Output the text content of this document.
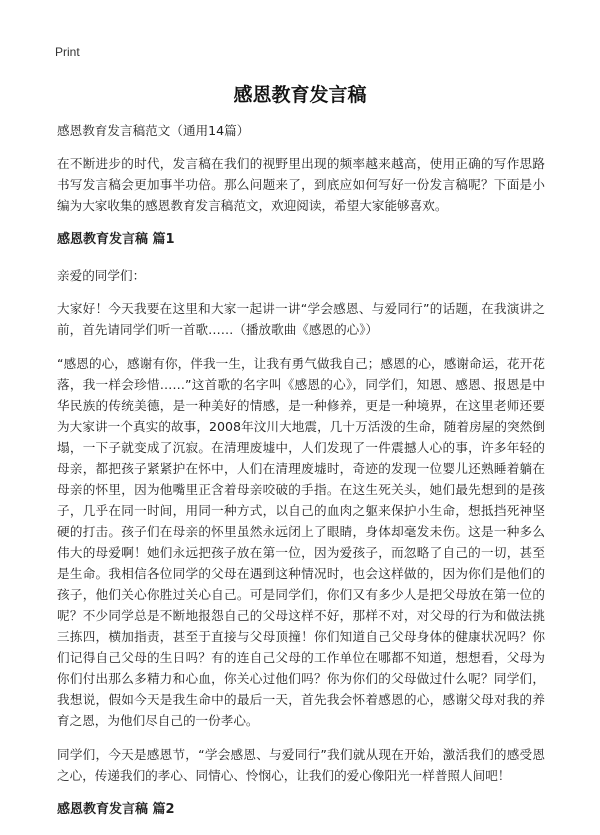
Print
感恩教育发言稿

感恩教育发言稿范文（通用14篇）

在不断进步的时代，发言稿在我们的视野里出现的频率越来越高，使用正确的写作思路书写发言稿会更加事半功倍。那么问题来了，到底应如何写好一份发言稿呢？下面是小编为大家收集的感恩教育发言稿范文，欢迎阅读，希望大家能够喜欢。

感恩教育发言稿 篇1

亲爱的同学们：

大家好！今天我要在这里和大家一起讲一讲“学会感恩、与爱同行”的话题，在我演讲之前，首先请同学们听一首歌……（播放歌曲《感恩的心》）

“感恩的心，感谢有你，伴我一生，让我有勇气做我自己；感恩的心，感谢命运，花开花落，我一样会珍惜……”这首歌的名字叫《感恩的心》，同学们，知恩、感恩、报恩是中华民族的传统美德，是一种美好的情感，是一种修养，更是一种境界，在这里老师还要为大家讲一个真实的故事，2008年汶川大地震，几十万活泼的生命，随着房屋的突然倒塌，一下子就变成了沉寂。在清理废墟中，人们发现了一件震撼人心的事，许多年轻的母亲，都把孩子紧紧护在怀中，人们在清理废墟时，奇迹的发现一位婴儿还熟睡着躺在母亲的怀里，因为他嘴里正含着母亲咬破的手指。在这生死关头，她们最先想到的是孩子，几乎在同一时间，用同一种方式，以自己的血肉之躯来保护小生命，想抵挡死神坚硬的打击。孩子们在母亲的怀里虽然永远闭上了眼睛，身体却毫发未伤。这是一种多么伟大的母爱啊！她们永远把孩子放在第一位，因为爱孩子，而忽略了自己的一切，甚至是生命。我相信各位同学的父母在遇到这种情况时，也会这样做的，因为你们是他们的孩子，他们关心你胜过关心自己。可是同学们，你们又有多少人是把父母放在第一位的呢？不少同学总是不断地报怨自己的父母这样不好，那样不对，对父母的行为和做法挑三拣四，横加指责，甚至于直接与父母顶撞！你们知道自己父母身体的健康状况吗？你们记得自己父母的生日吗？有的连自己父母的工作单位在哪都不知道，想想看，父母为你们付出那么多精力和心血，你关心过他们吗？你为你们的父母做过什么呢？同学们，我想说，假如今天是我生命中的最后一天，首先我会怀着感恩的心，感谢父母对我的养育之恩，为他们尽自己的一份孝心。

同学们，今天是感恩节，“学会感恩、与爱同行”我们就从现在开始，激活我们的感受恩之心，传递我们的孝心、同情心、怜悯心，让我们的爱心像阳光一样普照人间吧！

感恩教育发言稿 篇2
